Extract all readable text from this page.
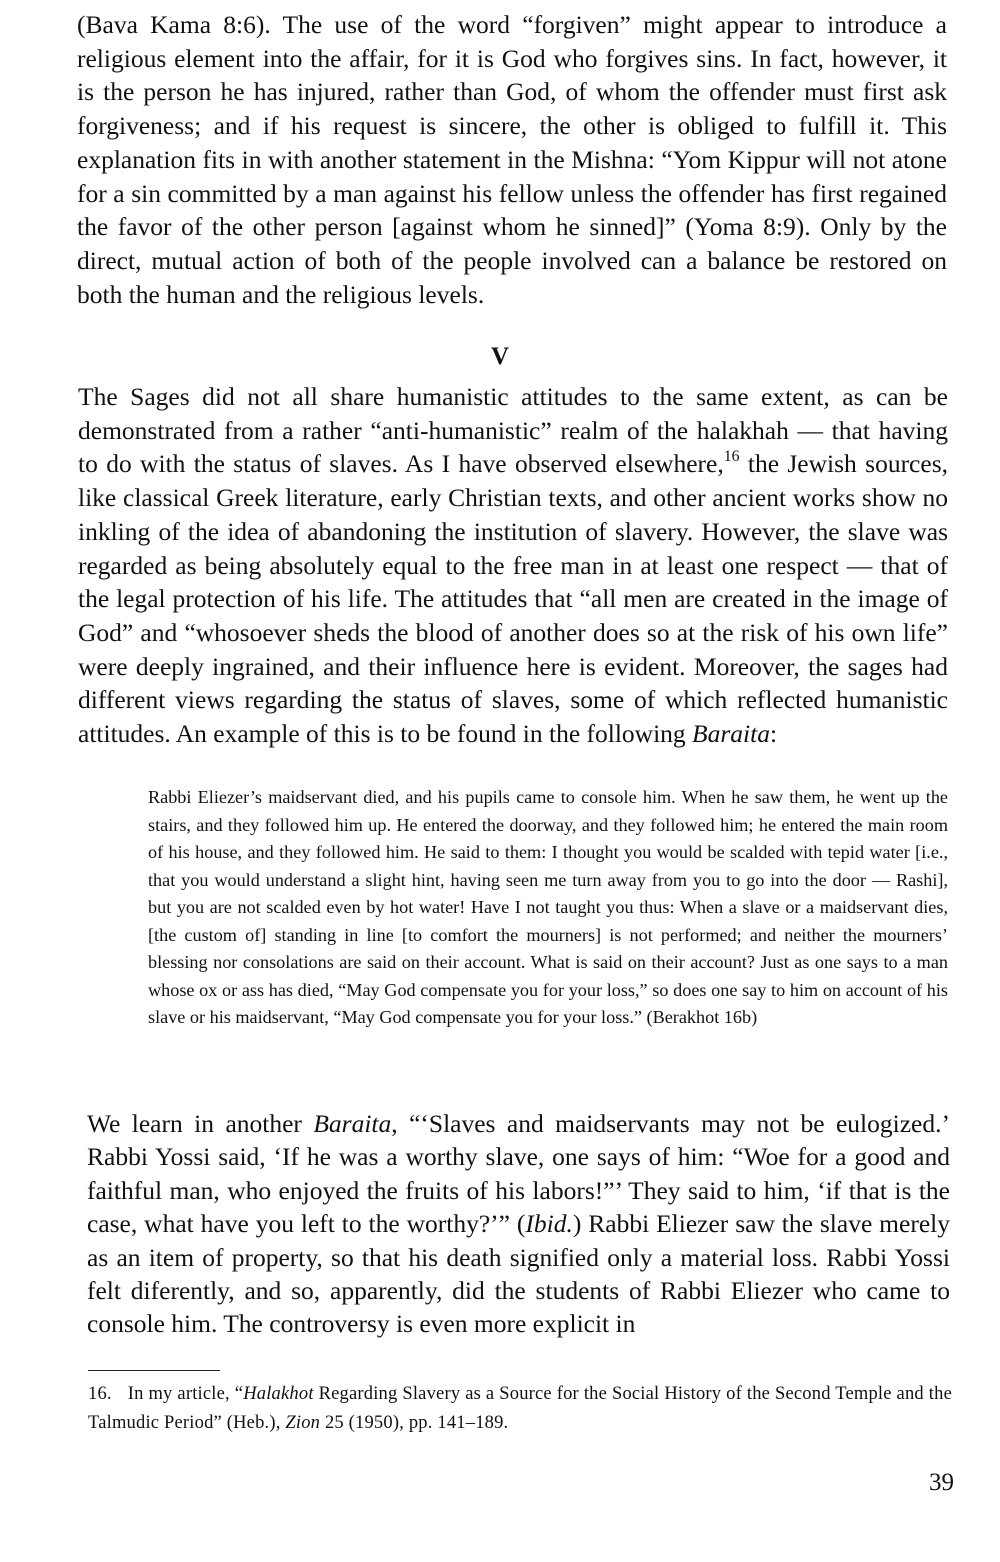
(Bava Kama 8:6). The use of the word “forgiven” might appear to introduce a religious element into the affair, for it is God who forgives sins. In fact, however, it is the person he has injured, rather than God, of whom the offender must first ask forgiveness; and if his request is sincere, the other is obliged to fulfill it. This explanation fits in with another statement in the Mishna: “Yom Kippur will not atone for a sin committed by a man against his fellow unless the offender has first regained the favor of the other person [against whom he sinned]” (Yoma 8:9). Only by the direct, mutual action of both of the people involved can a balance be restored on both the human and the religious levels.

V

The Sages did not all share humanistic attitudes to the same extent, as can be demonstrated from a rather “anti-humanistic” realm of the halakhah — that having to do with the status of slaves. As I have observed elsewhere,$^{16}$ the Jewish sources, like classical Greek literature, early Christian texts, and other ancient works show no inkling of the idea of abandoning the institution of slavery. However, the slave was regarded as being absolutely equal to the free man in at least one respect — that of the legal protection of his life. The attitudes that “all men are created in the image of God” and “whosoever sheds the blood of another does so at the risk of his own life” were deeply ingrained, and their influence here is evident. Moreover, the sages had different views regarding the status of slaves, some of which reflected humanistic attitudes. An example of this is to be found in the following Baraita:

Rabbi Eliezer’s maidservant died, and his pupils came to console him. When he saw them, he went up the stairs, and they followed him up. He entered the doorway, and they followed him; he entered the main room of his house, and they followed him. He said to them: I thought you would be scalded with tepid water [i.e., that you would understand a slight hint, having seen me turn away from you to go into the door — Rashi], but you are not scalded even by hot water! Have I not taught you thus: When a slave or a maidservant dies, [the custom of] standing in line [to comfort the mourners] is not performed; and neither the mourners’ blessing nor consolations are said on their account. What is said on their account? Just as one says to a man whose ox or ass has died, “May God compensate you for your loss,” so does one say to him on account of his slave or his maidservant, “May God compensate you for your loss.” (Berakhot 16b)

We learn in another Baraita, “‘Slaves and maidservants may not be eulogized.’ Rabbi Yossi said, ‘If he was a worthy slave, one says of him: “Woe for a good and faithful man, who enjoyed the fruits of his labors!”’ They said to him, ‘if that is the case, what have you left to the worthy?’” (Ibid.) Rabbi Eliezer saw the slave merely as an item of property, so that his death signified only a material loss. Rabbi Yossi felt diferently, and so, apparently, did the students of Rabbi Eliezer who came to console him. The controversy is even more explicit in

16. In my article, “Halakhot Regarding Slavery as a Source for the Social History of the Second Temple and the Talmudic Period” (Heb.), Zion 25 (1950), pp. 141–189.

39
